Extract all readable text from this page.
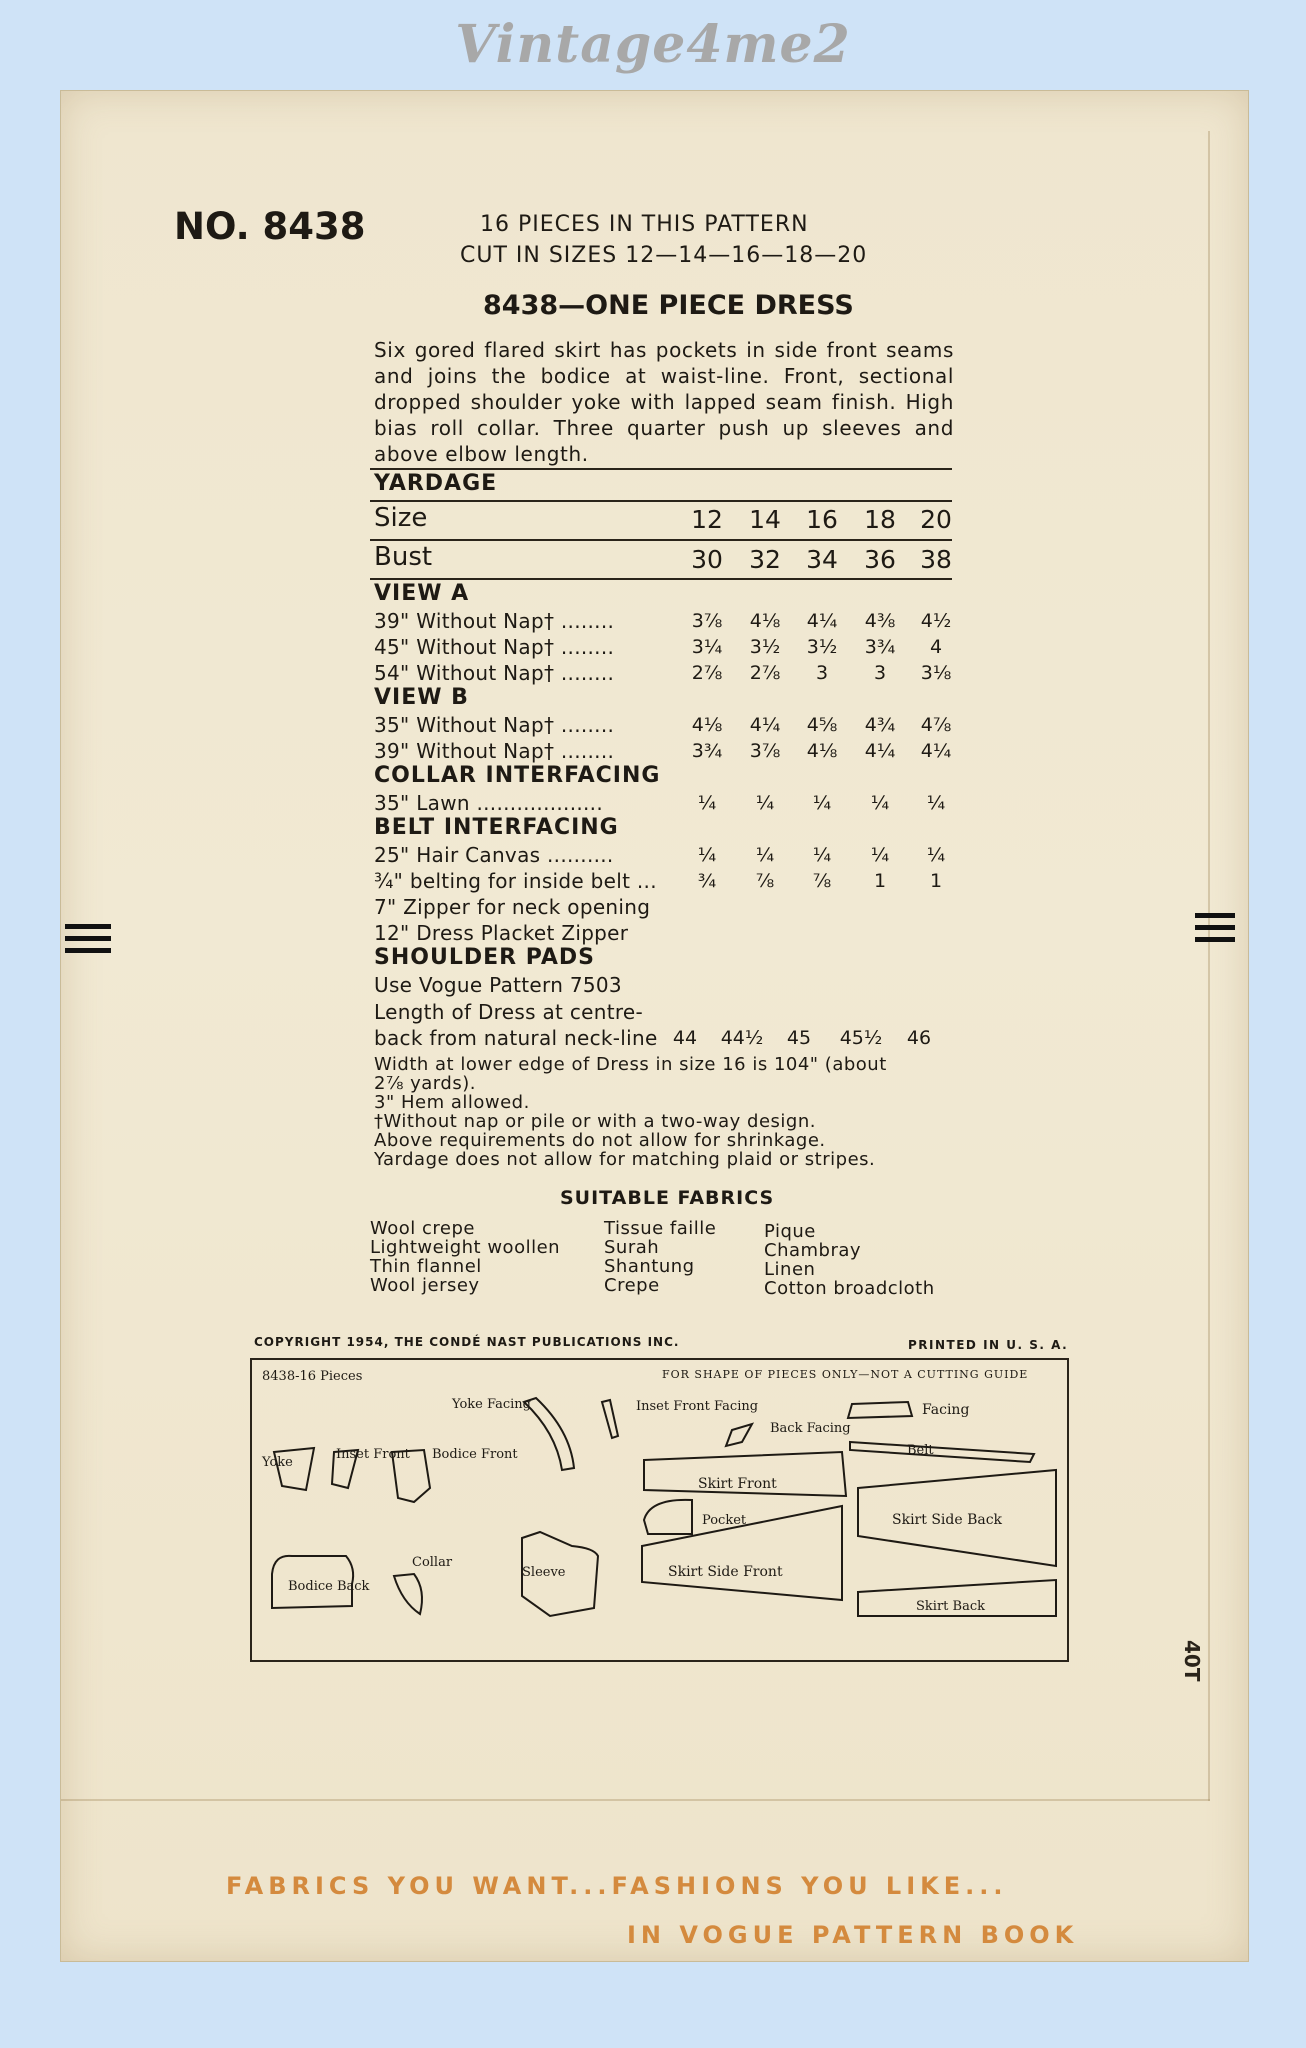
Vintage4me2
NO. 8438	16 PIECES IN THIS PATTERN
CUT IN SIZES 12—14—16—18—20
8438—ONE PIECE DRESS
Six gored flared skirt has pockets in side front seams and joins the bodice at waist-line. Front, sectional dropped shoulder yoke with lapped seam finish. High bias roll collar. Three quarter push up sleeves and above elbow length.
YARDAGE
Size	12	14	16	18 20
Bust	30	32	34	36 38
VIEW A
39" Without Nap† ........	3⅞	4⅛	4¼	4⅜	4½
45" Without Nap† ........	3¼	3½	3½	3¾	4
54" Without Nap† ........	2⅞	2⅞	3	3	3⅛
VIEW B
35" Without Nap† ........	4⅛	4¼	4⅝	4¾	4⅞
39" Without Nap† ........	3¾	3⅞	4⅛	4¼	4¼
COLLAR INTERFACING
35" Lawn ...................	¼	¼	¼	¼	¼
BELT INTERFACING
25" Hair Canvas ..........	¼	¼	¼	¼	¼
¾" belting for inside belt ...	¾	⅞	⅞	1	1
7" Zipper for neck opening
12" Dress Placket Zipper
SHOULDER PADS
Use Vogue Pattern 7503
Length of Dress at centre-
back from natural neck-line 44	44½	45	45½	46
Width at lower edge of Dress in size 16 is 104" (about
2⅞ yards).
3" Hem allowed.
†Without nap or pile or with a two-way design.
Above requirements do not allow for shrinkage.
Yardage does not allow for matching plaid or stripes.
SUITABLE FABRICS
Wool crepe
Lightweight woollen
Thin flannel
Wool jersey
Tissue faille
Surah
Shantung
Crepe
Pique
Chambray
Linen
Cotton broadcloth
COPYRIGHT 1954, THE CONDÉ NAST PUBLICATIONS INC.	PRINTED IN U. S. A.
8438-16 Pieces	FOR SHAPE OF PIECES ONLY—NOT A CUTTING GUIDE
Yoke
Inset Front Bodice Front
Yoke Facing	Inset Front Facing
Back Facing
Facing
Belt
Skirt Front
Pocket	Skirt Side Back
Skirt Side Front
Skirt Back
Bodice Back
Collar
Sleeve
40T
FABRICS YOU WANT...FASHIONS YOU LIKE...
IN VOGUE PATTERN BOOK
